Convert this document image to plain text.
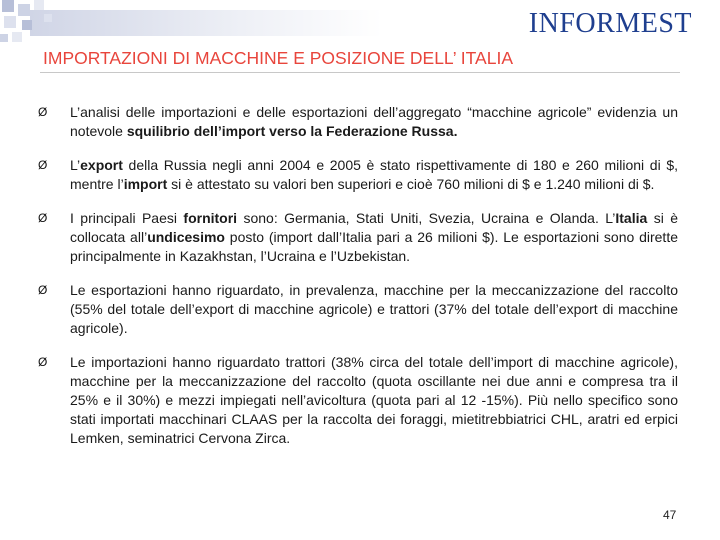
INFORMEST
IMPORTAZIONI DI MACCHINE E POSIZIONE DELL’ ITALIA
Ø L’analisi delle importazioni e delle esportazioni dell’aggregato “macchine agricole” evidenzia un notevole squilibrio dell’import verso la Federazione Russa.
Ø L’export della Russia negli anni 2004 e 2005 è stato rispettivamente di 180 e 260 milioni di $, mentre l’import si è attestato su valori ben superiori e cioè 760 milioni di $ e 1.240 milioni di $.
Ø I principali Paesi fornitori sono: Germania, Stati Uniti, Svezia, Ucraina e Olanda. L’Italia si è collocata all’undicesimo posto (import dall’Italia pari a 26 milioni $). Le esportazioni sono dirette principalmente in Kazakhstan, l’Ucraina e l’Uzbekistan.
Ø Le esportazioni hanno riguardato, in prevalenza, macchine per la meccanizzazione del raccolto (55% del totale dell’export di macchine agricole) e trattori (37% del totale dell’export di macchine agricole).
Ø Le importazioni hanno riguardato trattori (38% circa del totale dell’import di macchine agricole), macchine per la meccanizzazione del raccolto (quota oscillante nei due anni e compresa tra il 25% e il 30%) e mezzi impiegati nell’avicoltura (quota pari al 12 -15%). Più nello specifico sono stati importati macchinari CLAAS per la raccolta dei foraggi, mietitrebbiatrici CHL, aratri ed erpici Lemken, seminatrici Cervona Zirca.
47
